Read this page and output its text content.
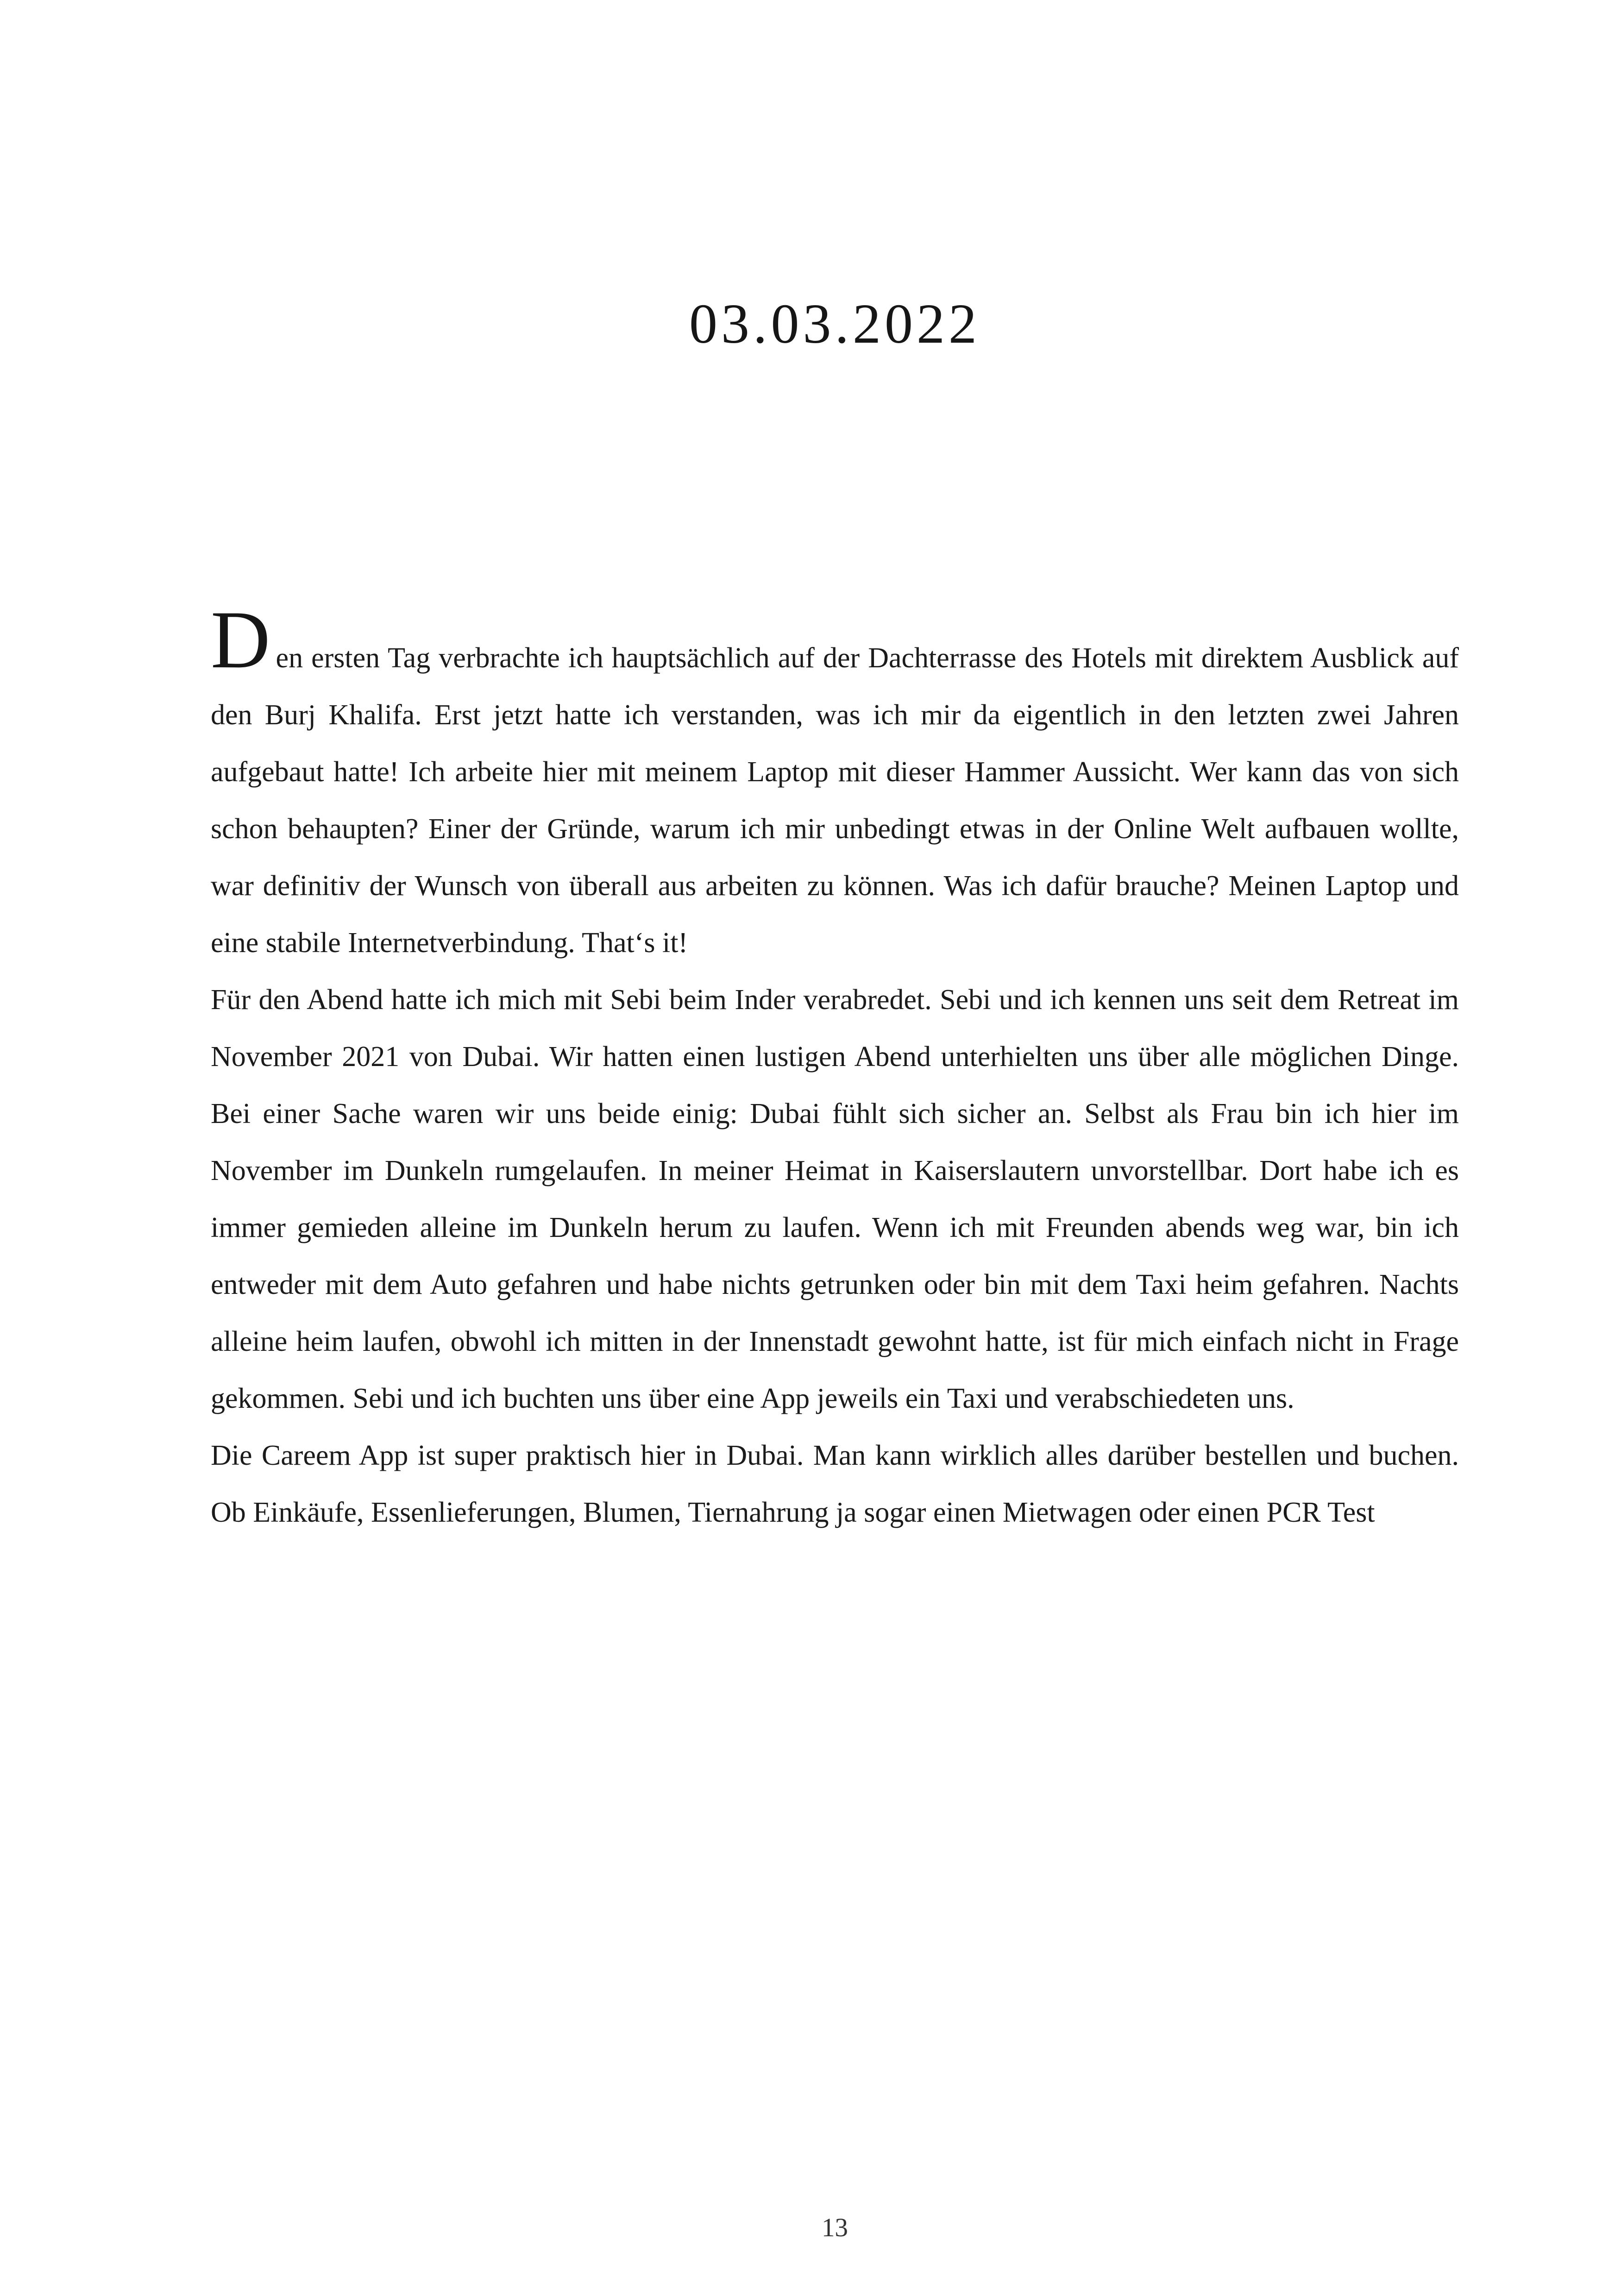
03.03.2022

Den ersten Tag verbrachte ich hauptsächlich auf der Dachterrasse des Hotels mit direktem Ausblick auf den Burj Khalifa. Erst jetzt hatte ich verstanden, was ich mir da eigentlich in den letzten zwei Jahren aufgebaut hatte! Ich arbeite hier mit meinem Laptop mit dieser Hammer Aussicht. Wer kann das von sich schon behaupten? Einer der Gründe, warum ich mir unbedingt etwas in der Online Welt aufbauen wollte, war definitiv der Wunsch von überall aus arbeiten zu können. Was ich dafür brauche? Meinen Laptop und eine stabile Internetverbindung. That‘s it!

Für den Abend hatte ich mich mit Sebi beim Inder verabredet. Sebi und ich kennen uns seit dem Retreat im November 2021 von Dubai. Wir hatten einen lustigen Abend unterhielten uns über alle möglichen Dinge. Bei einer Sache waren wir uns beide einig: Dubai fühlt sich sicher an. Selbst als Frau bin ich hier im November im Dunkeln rumgelaufen. In meiner Heimat in Kaiserslautern unvorstellbar. Dort habe ich es immer gemieden alleine im Dunkeln herum zu laufen. Wenn ich mit Freunden abends weg war, bin ich entweder mit dem Auto gefahren und habe nichts getrunken oder bin mit dem Taxi heim gefahren. Nachts alleine heim laufen, obwohl ich mitten in der Innenstadt gewohnt hatte, ist für mich einfach nicht in Frage gekommen. Sebi und ich buchten uns über eine App jeweils ein Taxi und verabschiedeten uns.

Die Careem App ist super praktisch hier in Dubai. Man kann wirklich alles darüber bestellen und buchen. Ob Einkäufe, Essenlieferungen, Blumen, Tiernahrung ja sogar einen Mietwagen oder einen PCR Test

13
